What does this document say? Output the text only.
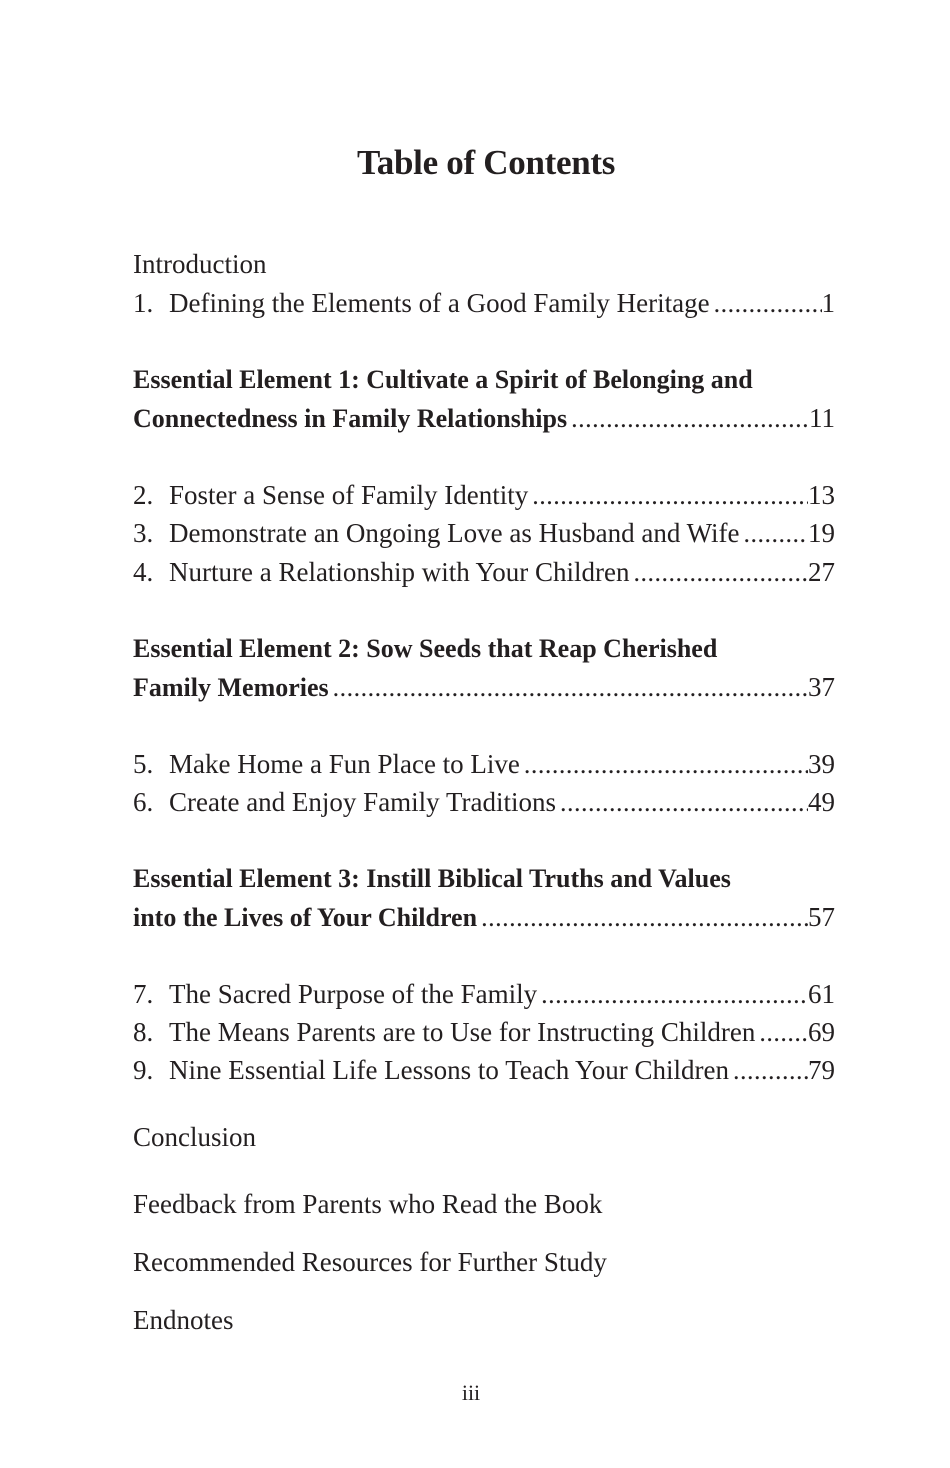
Table of Contents
Introduction
1. Defining the Elements of a Good Family Heritage .....	1
Essential Element 1: Cultivate a Spirit of Belonging and
Connectedness in Family Relationships .....	11
2. Foster a Sense of Family Identity .....	13
3. Demonstrate an Ongoing Love as Husband and Wife .....	19
4. Nurture a Relationship with Your Children .....	27
Essential Element 2: Sow Seeds that Reap Cherished
Family Memories .....	37
5. Make Home a Fun Place to Live .....	39
6. Create and Enjoy Family Traditions .....	49
Essential Element 3: Instill Biblical Truths and Values
into the Lives of Your Children .....	57
7. The Sacred Purpose of the Family .....	61
8. The Means Parents are to Use for Instructing Children ..... 69
9. Nine Essential Life Lessons to Teach Your Children .....	79
Conclusion
Feedback from Parents who Read the Book
Recommended Resources for Further Study
Endnotes
iii
